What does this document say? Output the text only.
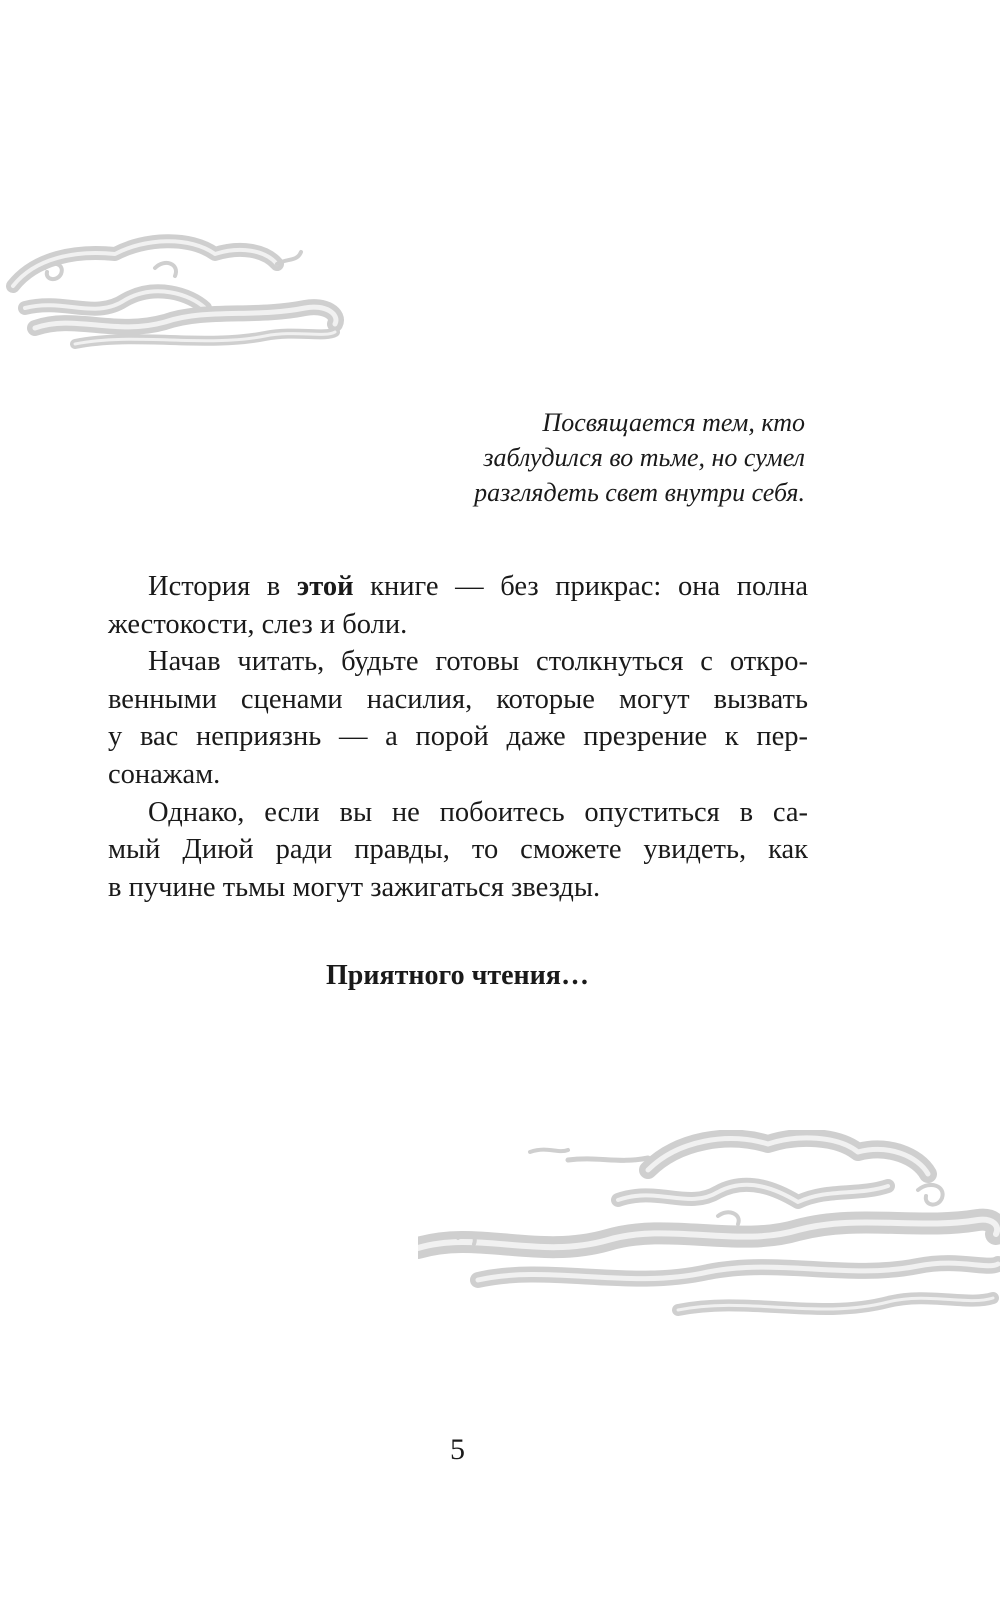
Посвящается тем, кто
заблудился во тьме, но сумел
разглядеть свет внутри себя.
История в этой книге — без прикрас: она полна
жестокости, слез и боли.
Начав читать, будьте готовы столкнуться с откро-
венными сценами насилия, которые могут вызвать
у вас неприязнь — а порой даже презрение к пер-
сонажам.
Однако, если вы не побоитесь опуститься в са-
мый Диюй ради правды, то сможете увидеть, как
в пучине тьмы могут зажигаться звезды.
Приятного чтения…
5
